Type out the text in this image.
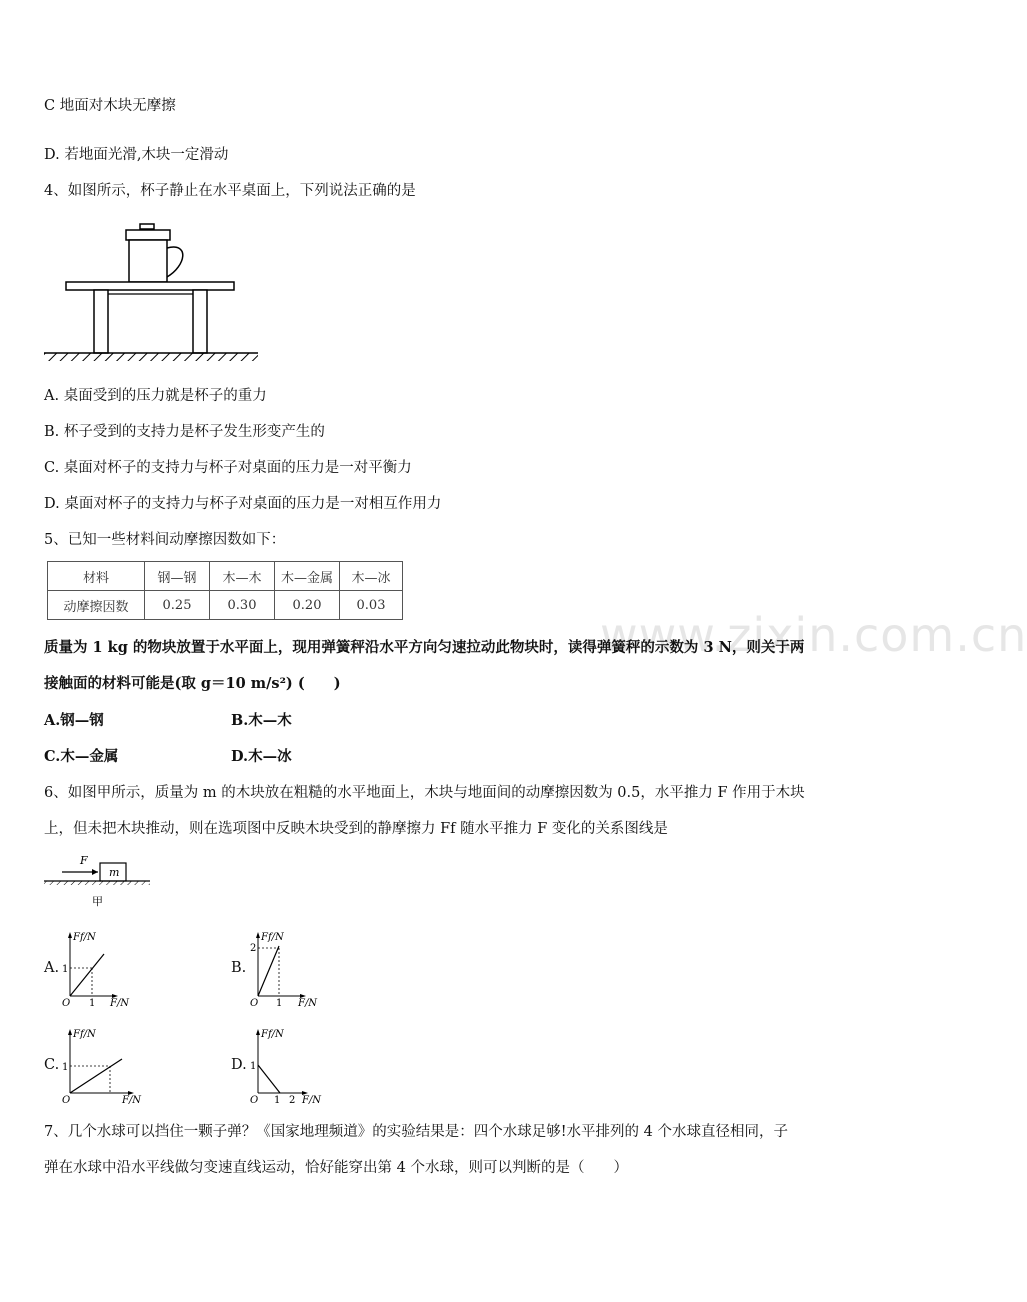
www.zixin.com.cn
C 地面对木块无摩擦
D. 若地面光滑,木块一定滑动
4、如图所示，杯子静止在水平桌面上，下列说法正确的是
A. 桌面受到的压力就是杯子的重力
B. 杯子受到的支持力是杯子发生形变产生的
C. 桌面对杯子的支持力与杯子对桌面的压力是一对平衡力
D. 桌面对杯子的支持力与杯子对桌面的压力是一对相互作用力
5、已知一些材料间动摩擦因数如下：
材料	钢—钢	木—木	木—金属	木—冰
动摩擦因数	0.25	0.30	0.20	0.03
质量为 1 kg 的物块放置于水平面上，现用弹簧秤沿水平方向匀速拉动此物块时，读得弹簧秤的示数为 3 N，则关于两
接触面的材料可能是(取 g＝10 m/s²) (　　)
A.钢—钢	B.木—木
C.木—金属	D.木—冰
6、如图甲所示，质量为 m 的木块放在粗糙的水平地面上，木块与地面间的动摩擦因数为 0.5，水平推力 F 作用于木块
上，但未把木块推动，则在选项图中反映木块受到的静摩擦力 Ff 随水平推力 F 变化的关系图线是
F
m
甲
A.
Ff/N
F/N
O
1
1
B.
Ff/N
F/N
O
2
1
C.
Ff/N
F/N
O
1	D.
Ff/N
F/N
O
1
1 2
7、几个水球可以挡住一颗子弹？《国家地理频道》的实验结果是：四个水球足够!水平排列的 4 个水球直径相同，子
弹在水球中沿水平线做匀变速直线运动，恰好能穿出第 4 个水球，则可以判断的是（　　）
